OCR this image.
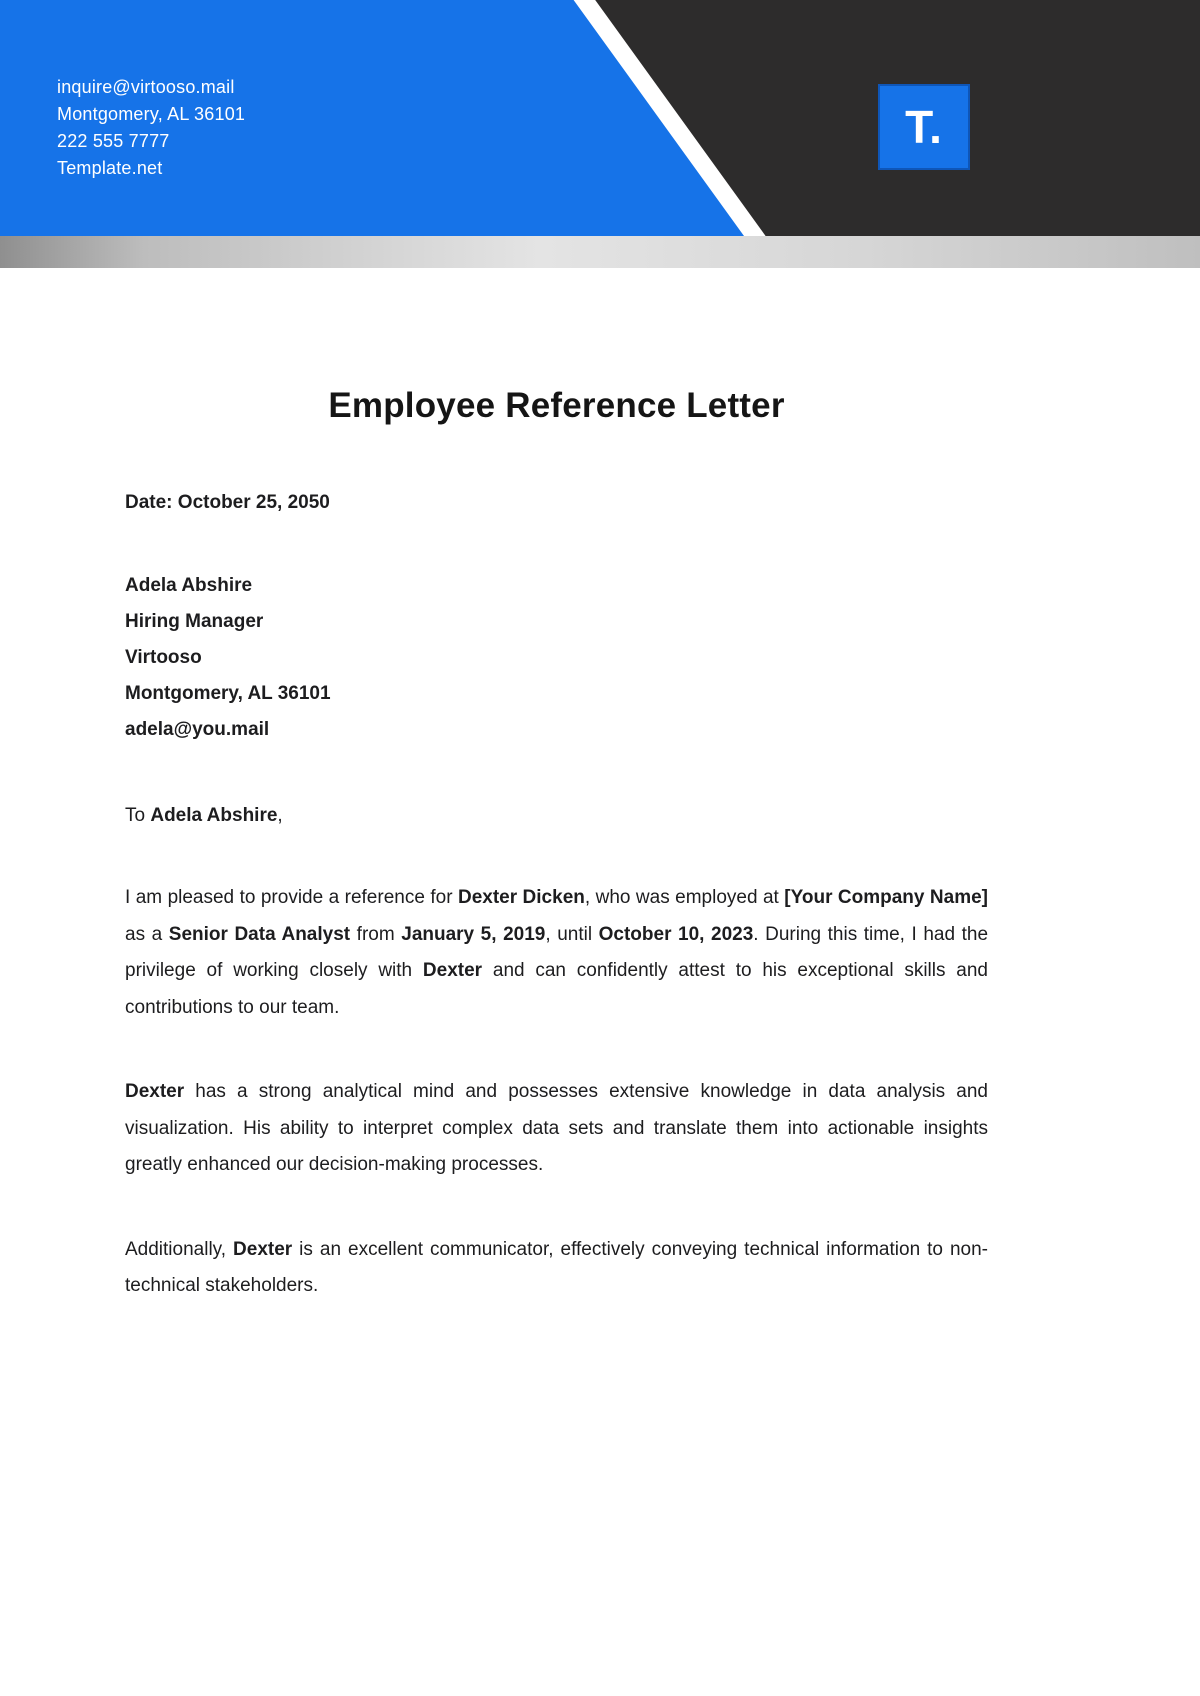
inquire@virtooso.mail
Montgomery, AL 36101
222 555 7777
Template.net
T.
Employee Reference Letter

Date: October 25, 2050

Adela Abshire
Hiring Manager
Virtooso
Montgomery, AL 36101
adela@you.mail

To Adela Abshire,

I am pleased to provide a reference for Dexter Dicken, who was employed at [Your Company Name] as a Senior Data Analyst from January 5, 2019, until October 10, 2023. During this time, I had the privilege of working closely with Dexter and can confidently attest to his exceptional skills and contributions to our team.

Dexter has a strong analytical mind and possesses extensive knowledge in data analysis and visualization. His ability to interpret complex data sets and translate them into actionable insights greatly enhanced our decision-making processes.

Additionally, Dexter is an excellent communicator, effectively conveying technical information to non-technical stakeholders.
